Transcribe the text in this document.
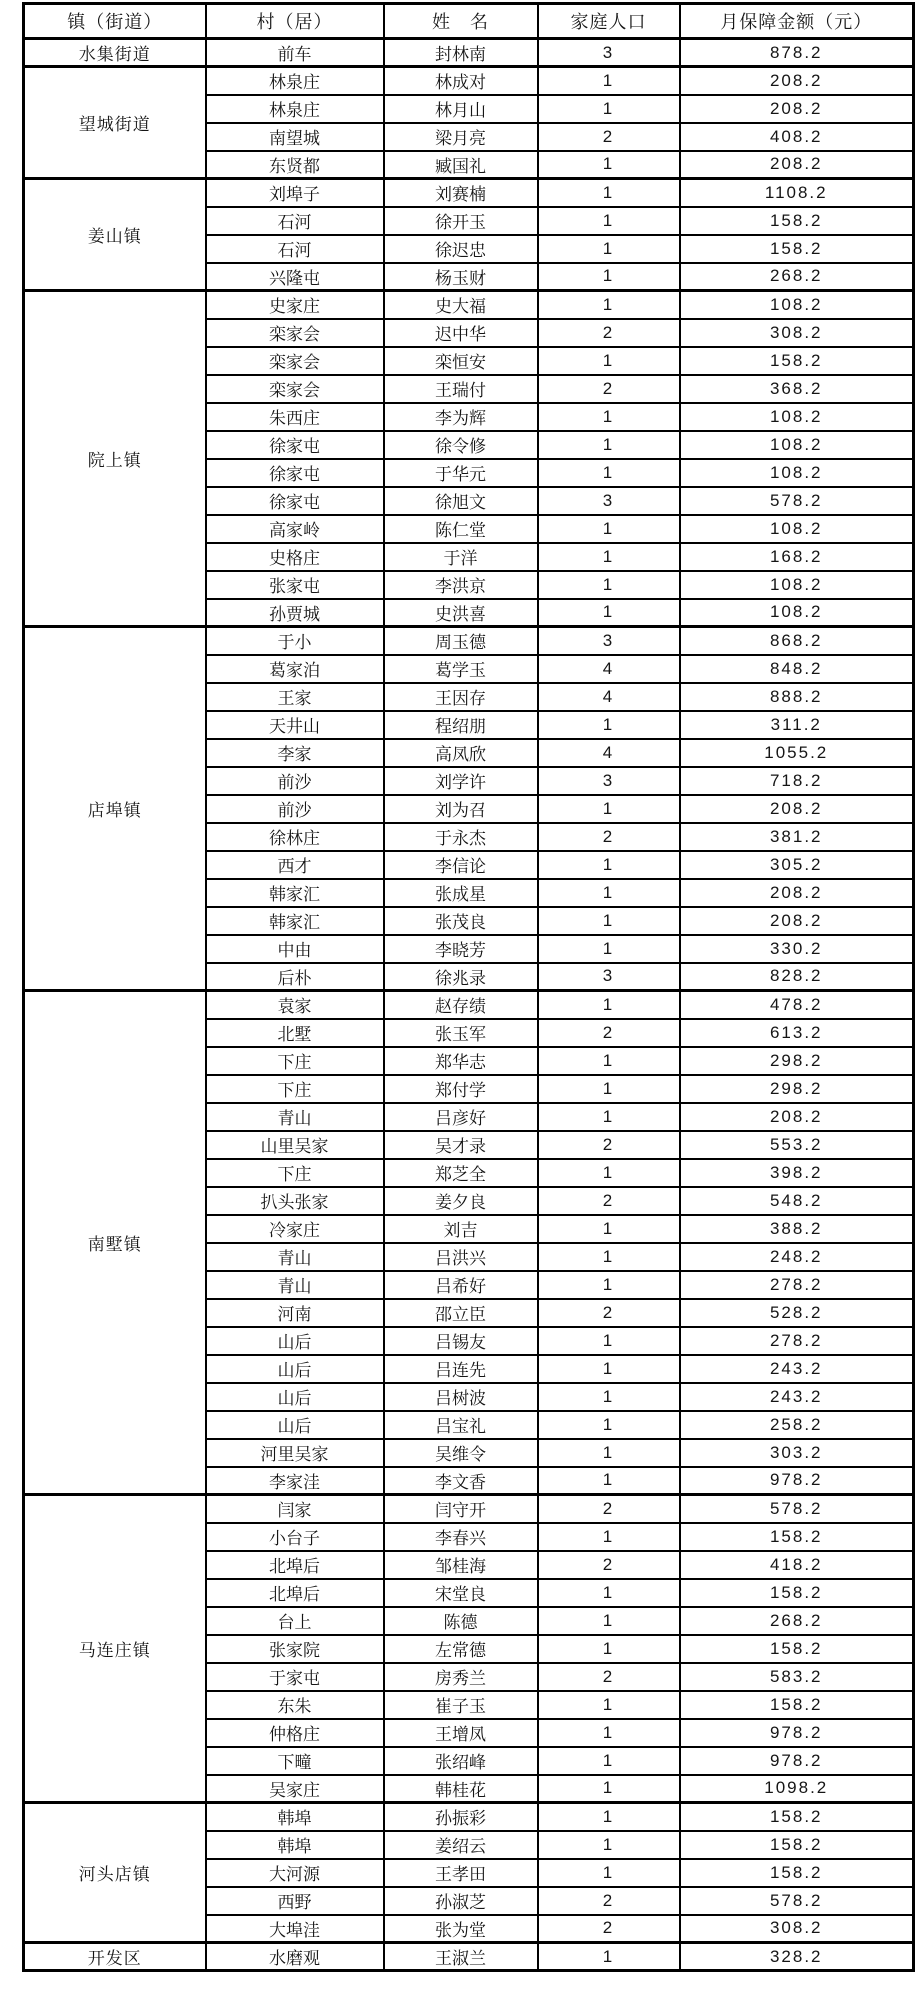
镇（街道）	村（居）	姓　名	家庭人口	月保障金额（元）
水集街道	前车	封林南	3	878.2
望城街道	林泉庄	林成对	1	208.2
	林泉庄	林月山	1	208.2
	南望城	梁月亮	2	408.2
	东贤都	臧国礼	1	208.2
姜山镇	刘埠子	刘赛楠	1	1108.2
	石河	徐开玉	1	158.2
	石河	徐迟忠	1	158.2
	兴隆屯	杨玉财	1	268.2
院上镇	史家庄	史大福	1	108.2
	栾家会	迟中华	2	308.2
	栾家会	栾恒安	1	158.2
	栾家会	王瑞付	2	368.2
	朱西庄	李为辉	1	108.2
	徐家屯	徐令修	1	108.2
	徐家屯	于华元	1	108.2
	徐家屯	徐旭文	3	578.2
	高家岭	陈仁堂	1	108.2
	史格庄	于洋	1	168.2
	张家屯	李洪京	1	108.2
	孙贾城	史洪喜	1	108.2
店埠镇	于小	周玉德	3	868.2
	葛家泊	葛学玉	4	848.2
	王家	王因存	4	888.2
	天井山	程绍朋	1	311.2
	李家	高凤欣	4	1055.2
	前沙	刘学许	3	718.2
	前沙	刘为召	1	208.2
	徐林庄	于永杰	2	381.2
	西才	李信论	1	305.2
	韩家汇	张成星	1	208.2
	韩家汇	张茂良	1	208.2
	中由	李晓芳	1	330.2
	后朴	徐兆录	3	828.2
南墅镇	袁家	赵存绩	1	478.2
	北墅	张玉军	2	613.2
	下庄	郑华志	1	298.2
	下庄	郑付学	1	298.2
	青山	吕彦好	1	208.2
	山里吴家	吴才录	2	553.2
	下庄	郑芝全	1	398.2
	扒头张家	姜夕良	2	548.2
	冷家庄	刘吉	1	388.2
	青山	吕洪兴	1	248.2
	青山	吕希好	1	278.2
	河南	邵立臣	2	528.2
	山后	吕锡友	1	278.2
	山后	吕连先	1	243.2
	山后	吕树波	1	243.2
	山后	吕宝礼	1	258.2
	河里吴家	吴维令	1	303.2
	李家洼	李文香	1	978.2
马连庄镇	闫家	闫守开	2	578.2
	小台子	李春兴	1	158.2
	北埠后	邹桂海	2	418.2
	北埠后	宋堂良	1	158.2
	台上	陈德	1	268.2
	张家院	左常德	1	158.2
	于家屯	房秀兰	2	583.2
	东朱	崔子玉	1	158.2
	仲格庄	王增凤	1	978.2
	下疃	张绍峰	1	978.2
	吴家庄	韩桂花	1	1098.2
河头店镇	韩埠	孙振彩	1	158.2
	韩埠	姜绍云	1	158.2
	大河源	王孝田	1	158.2
	西野	孙淑芝	2	578.2
	大埠洼	张为堂	2	308.2
开发区	水磨观	王淑兰	1	328.2
